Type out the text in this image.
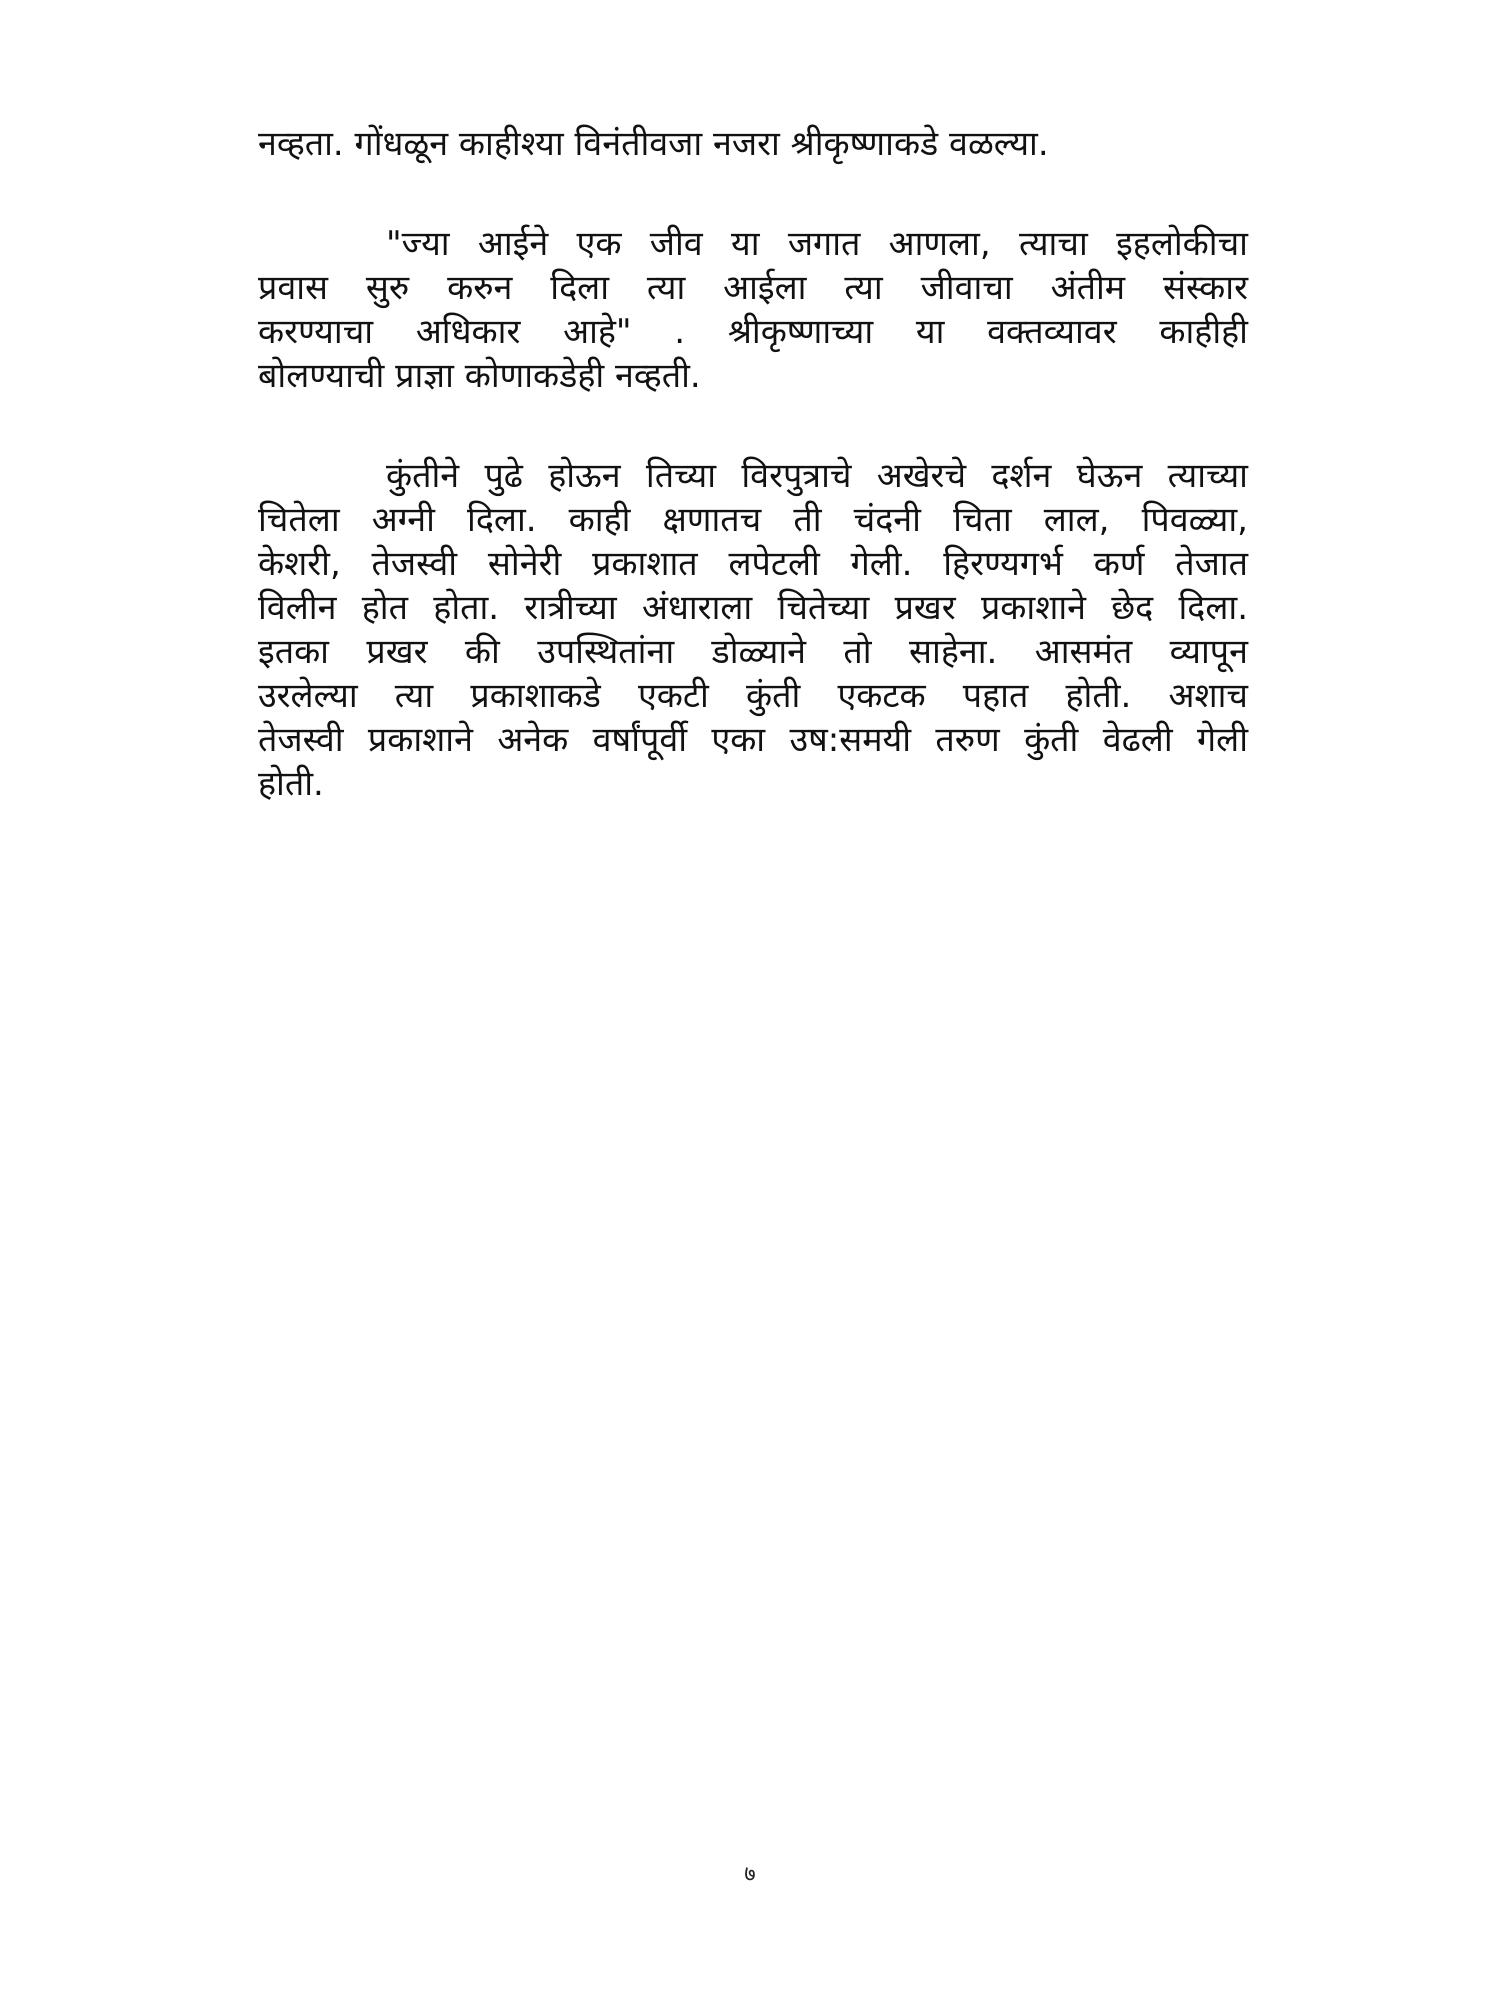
नव्हता. गोंधळून काहीश्या विनंतीवजा नजरा श्रीकृष्णाकडे वळल्या.

"ज्या आईने एक जीव या जगात आणला, त्याचा इहलोकीचा

प्रवास सुरु करुन दिला त्या आईला त्या जीवाचा अंतीम संस्कार

करण्याचा अधिकार आहे" . श्रीकृष्णाच्या या वक्तव्यावर काहीही

बोलण्याची प्राज्ञा कोणाकडेही नव्हती.

कुंतीने पुढे होऊन तिच्या विरपुत्राचे अखेरचे दर्शन घेऊन त्याच्या

चितेला अग्नी दिला. काही क्षणातच ती चंदनी चिता लाल, पिवळ्या,

केशरी, तेजस्वी सोनेरी प्रकाशात लपेटली गेली. हिरण्यगर्भ कर्ण तेजात

विलीन होत होता. रात्रीच्या अंधाराला चितेच्या प्रखर प्रकाशाने छेद दिला.

इतका प्रखर की उपस्थितांना डोळ्याने तो साहेना. आसमंत व्यापून

उरलेल्या त्या प्रकाशाकडे एकटी कुंती एकटक पहात होती. अशाच

तेजस्वी प्रकाशाने अनेक वर्षांपूर्वी एका उष:समयी तरुण कुंती वेढली गेली

होती.

७
